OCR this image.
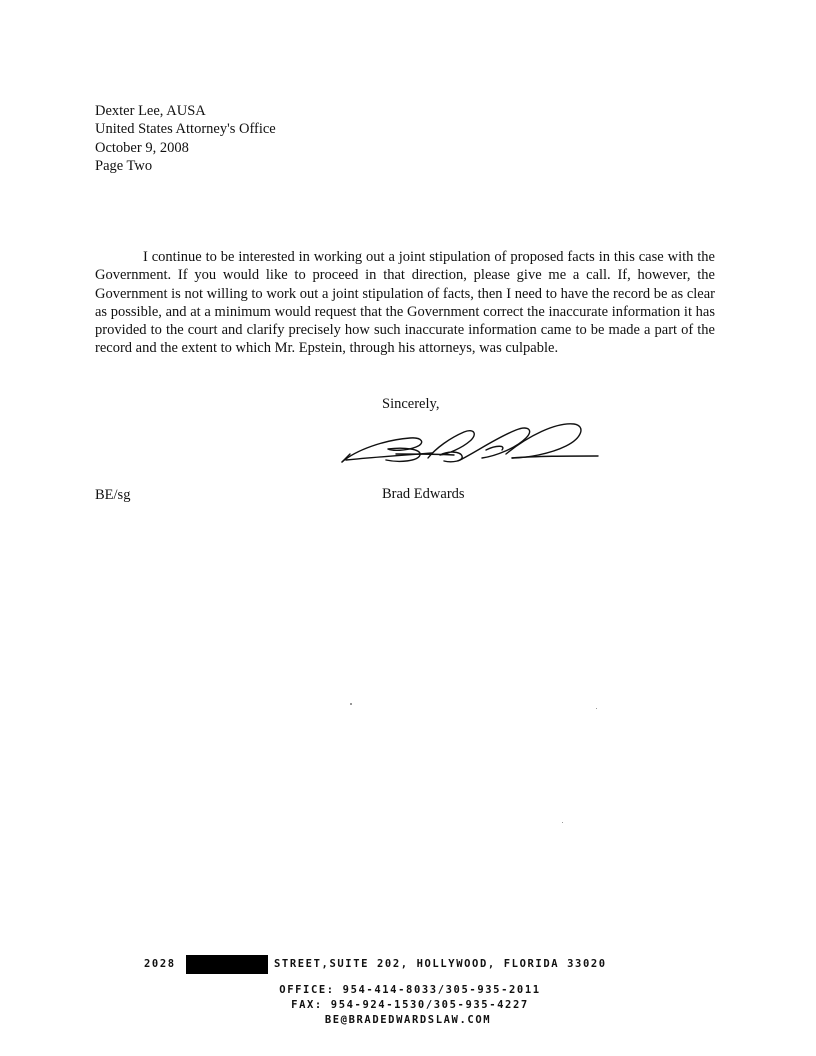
Dexter Lee, AUSA
United States Attorney's Office
October 9, 2008
Page Two

I continue to be interested in working out a joint stipulation of proposed facts in this case with the Government. If you would like to proceed in that direction, please give me a call. If, however, the Government is not willing to work out a joint stipulation of facts, then I need to have the record be as clear as possible, and at a minimum would request that the Government correct the inaccurate information it has provided to the court and clarify precisely how such inaccurate information came to be made a part of the record and the extent to which Mr. Epstein, through his attorneys, was culpable.

Sincerely,
BE/sg	Brad Edwards
2028	STREET,SUITE 202, HOLLYWOOD, FLORIDA 33020
OFFICE: 954-414-8033/305-935-2011
FAX: 954-924-1530/305-935-4227
BE@BRADEDWARDSLAW.COM
